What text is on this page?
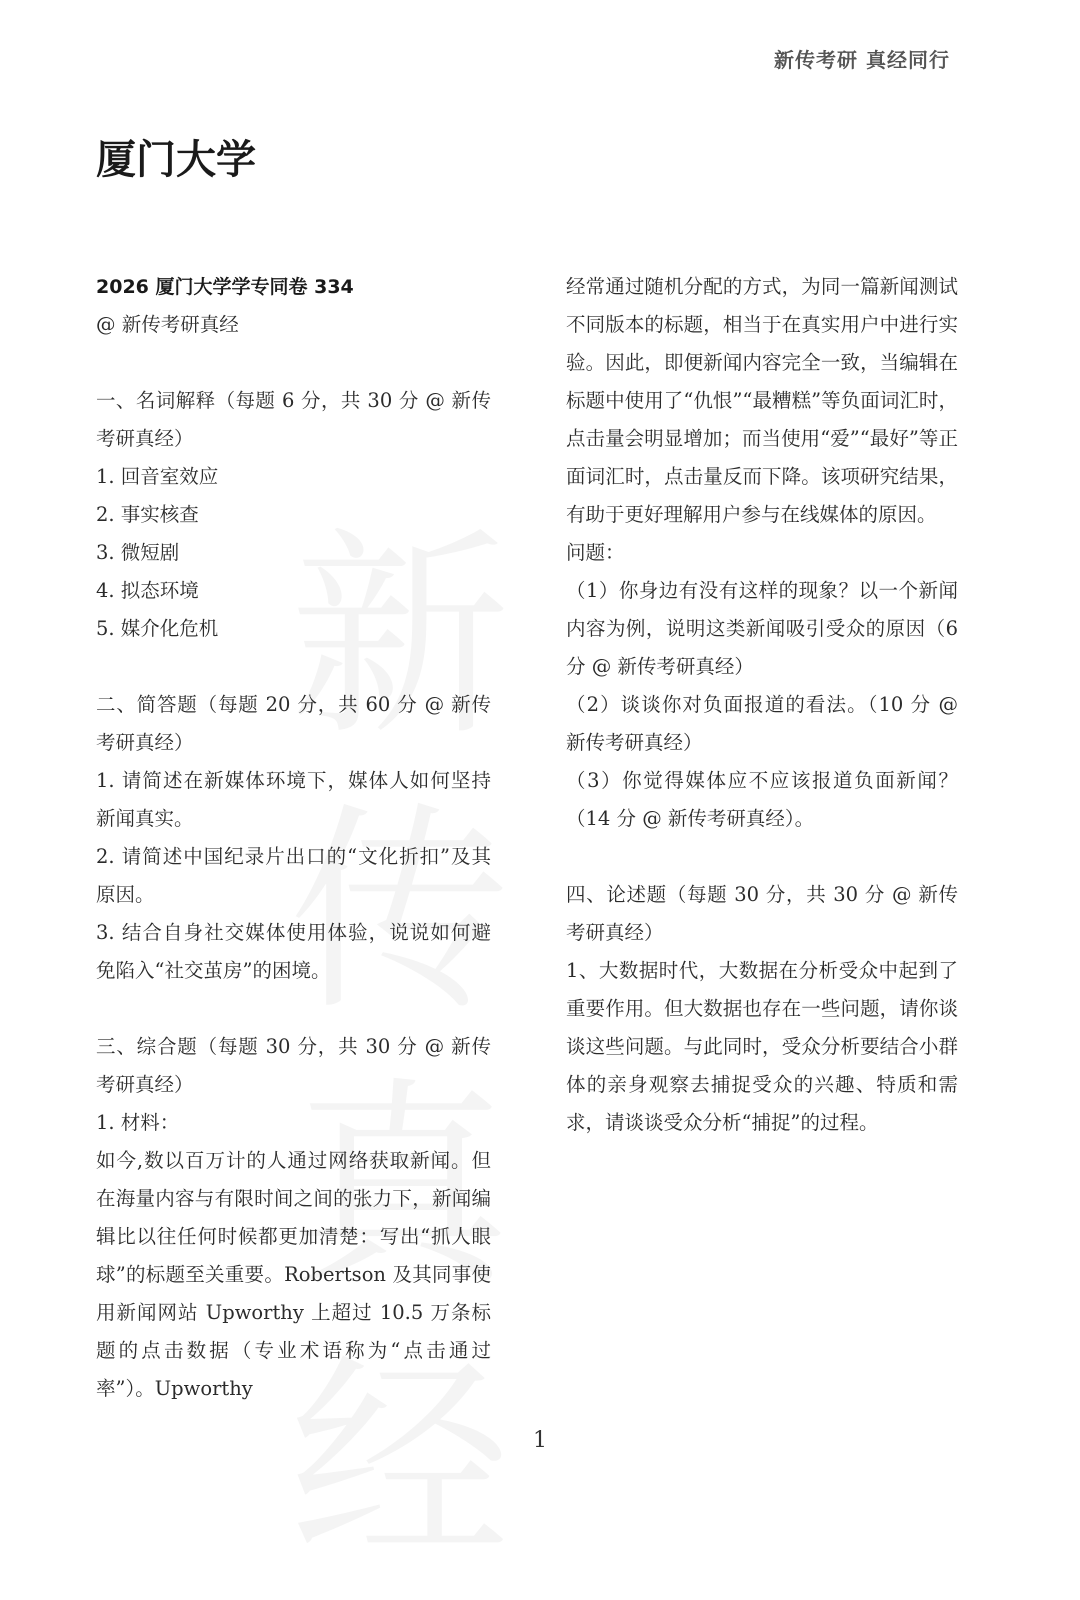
新传考研 真经同行
厦门大学

2026 厦门大学学专同卷 334

@ 新传考研真经

一、名词解释（每题 6 分，共 30 分 @ 新传考研真经）

1. 回音室效应

2. 事实核查

3. 微短剧

4. 拟态环境

5. 媒介化危机

二、简答题（每题 20 分，共 60 分 @ 新传考研真经）

1. 请简述在新媒体环境下，媒体人如何坚持新闻真实。

2. 请简述中国纪录片出口的“文化折扣”及其原因。

3. 结合自身社交媒体使用体验，说说如何避免陷入“社交茧房”的困境。

三、综合题（每题 30 分，共 30 分 @ 新传考研真经）

1. 材料：

如今,数以百万计的人通过网络获取新闻。但在海量内容与有限时间之间的张力下，新闻编辑比以往任何时候都更加清楚：写出“抓人眼球”的标题至关重要。Robertson 及其同事使用新闻网站 Upworthy 上超过 10.5 万条标题的点击数据（专业术语称为“点击通过率”）。Upworthy

经常通过随机分配的方式，为同一篇新闻测试不同版本的标题，相当于在真实用户中进行实验。因此，即便新闻内容完全一致，当编辑在标题中使用了“仇恨”“最糟糕”等负面词汇时，点击量会明显增加；而当使用“爱”“最好”等正面词汇时，点击量反而下降。该项研究结果，有助于更好理解用户参与在线媒体的原因。

问题：

（1）你身边有没有这样的现象？以一个新闻内容为例，说明这类新闻吸引受众的原因（6 分 @ 新传考研真经）

（2）谈谈你对负面报道的看法。（10 分 @ 新传考研真经）

（3）你觉得媒体应不应该报道负面新闻？（14 分 @ 新传考研真经）。

四、论述题（每题 30 分，共 30 分 @ 新传考研真经）

1、大数据时代，大数据在分析受众中起到了重要作用。但大数据也存在一些问题，请你谈谈这些问题。与此同时，受众分析要结合小群体的亲身观察去捕捉受众的兴趣、特质和需求，请谈谈受众分析“捕捉”的过程。

1
